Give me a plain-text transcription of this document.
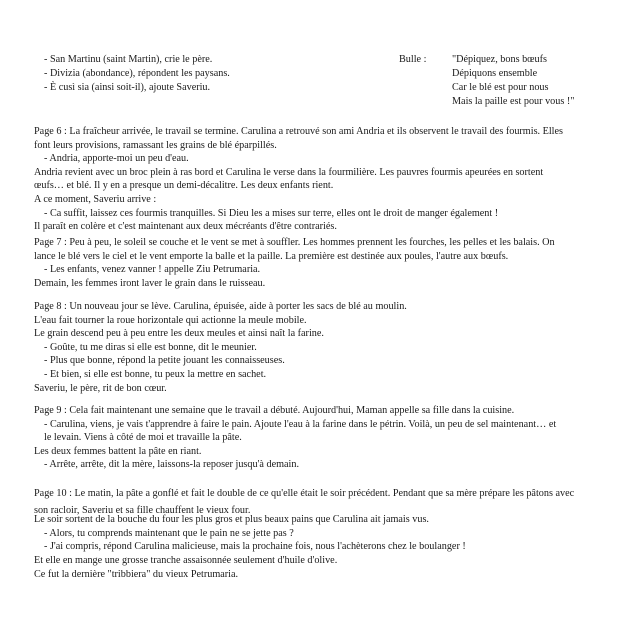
- San Martinu (saint Martin), crie le père.
- Divizia (abondance), répondent les paysans.
- È cusì sia (ainsi soit-il), ajoute Saveriu.
Bulle :	"Dépiquez, bons bœufs
Dépiquons ensemble
Car le blé est pour nous
Mais la paille est pour vous !"
Page 6 : La fraîcheur arrivée, le travail se termine. Carulina a retrouvé son ami Andria et ils observent le travail des fourmis. Elles
font leurs provisions, ramassant les grains de blé éparpillés.
- Andria, apporte-moi un peu d'eau.
Andria revient avec un broc plein à ras bord et Carulina le verse dans la fourmilière. Les pauvres fourmis apeurées en sortent
œufs… et blé. Il y en a presque un demi-décalitre. Les deux enfants rient.
A ce moment, Saveriu arrive :
- Ca suffit, laissez ces fourmis tranquilles. Si Dieu les a mises sur terre, elles ont le droit de manger également !
Il paraît en colère et c'est maintenant aux deux mécréants d'être contrariés.
Page 7 : Peu à peu, le soleil se couche et le vent se met à souffler. Les hommes prennent les fourches, les pelles et les balais. On
lance le blé vers le ciel et le vent emporte la balle et la paille. La première est destinée aux poules, l'autre aux bœufs.
- Les enfants, venez vanner ! appelle Ziu Petrumaria.
Demain, les femmes iront laver le grain dans le ruisseau.
Page 8 : Un nouveau jour se lève. Carulina, épuisée, aide à porter les sacs de blé au moulin.
L'eau fait tourner la roue horizontale qui actionne la meule mobile.
Le grain descend peu à peu entre les deux meules et ainsi naît la farine.
- Goûte, tu me diras si elle est bonne, dit le meunier.
- Plus que bonne, répond la petite jouant les connaisseuses.
- Et bien, si elle est bonne, tu peux la mettre en sachet.
Saveriu, le père, rit de bon cœur.
Page 9 : Cela fait maintenant une semaine que le travail a débuté. Aujourd'hui, Maman appelle sa fille dans la cuisine.
- Carulina, viens, je vais t'apprendre à faire le pain. Ajoute l'eau à la farine dans le pétrin. Voilà, un peu de sel maintenant… et
le levain. Viens à côté de moi et travaille la pâte.
Les deux femmes battent la pâte en riant.
- Arrête, arrête, dit la mère, laissons-la reposer jusqu'à demain.
Page 10 : Le matin, la pâte a gonflé et fait le double de ce qu'elle était le soir précédent. Pendant que sa mère prépare les pâtons avec
son racloir, Saveriu et sa fille chauffent le vieux four.
Le soir sortent de la bouche du four les plus gros et plus beaux pains que Carulina ait jamais vus.
- Alors, tu comprends maintenant que le pain ne se jette pas ?
- J'ai compris, répond Carulina malicieuse, mais la prochaine fois, nous l'achèterons chez le boulanger !
Et elle en mange une grosse tranche assaisonnée seulement d'huile d'olive.
Ce fut la dernière "tribbiera" du vieux Petrumaria.
